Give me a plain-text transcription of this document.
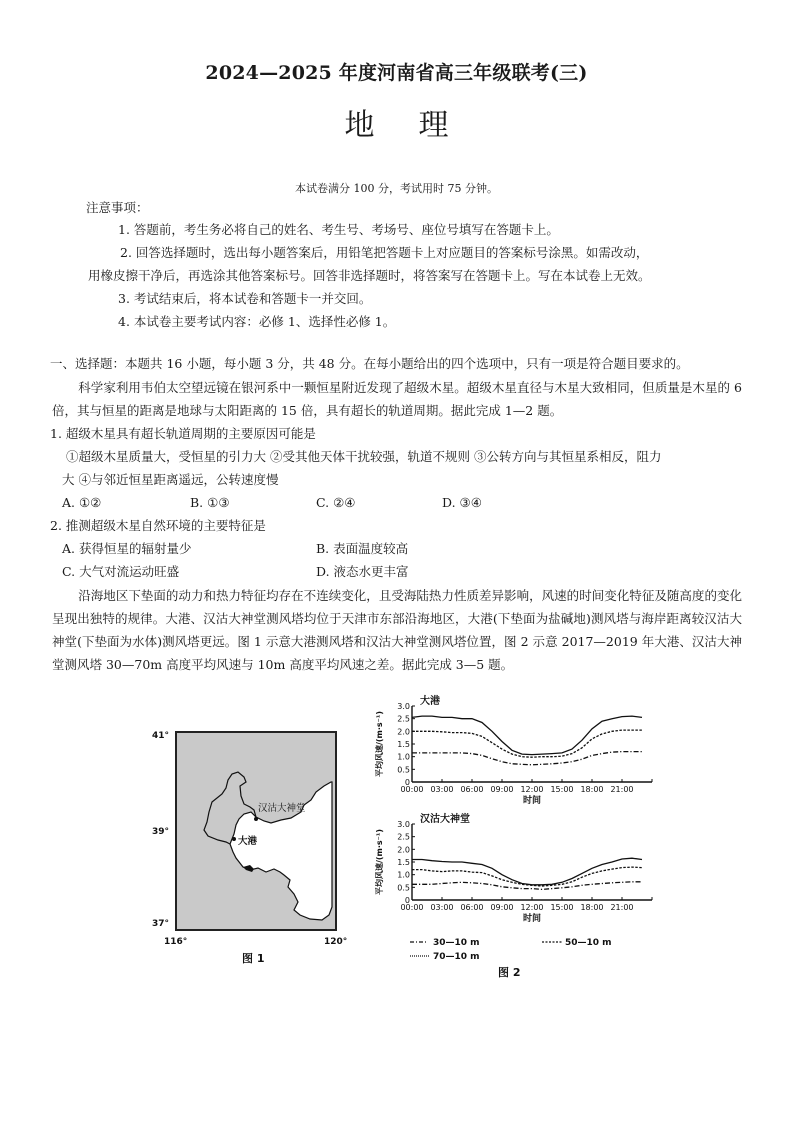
2024—2025 年度河南省高三年级联考(三)
地理
本试卷满分 100 分，考试用时 75 分钟。
注意事项：
1. 答题前，考生务必将自己的姓名、考生号、考场号、座位号填写在答题卡上。
2. 回答选择题时，选出每小题答案后，用铅笔把答题卡上对应题目的答案标号涂黑。如需改动，
用橡皮擦干净后，再选涂其他答案标号。回答非选择题时，将答案写在答题卡上。写在本试卷上无效。
3. 考试结束后，将本试卷和答题卡一并交回。
4. 本试卷主要考试内容：必修 1、选择性必修 1。
一、选择题：本题共 16 小题，每小题 3 分，共 48 分。在每小题给出的四个选项中，只有一项是符合题目要求的。
科学家利用韦伯太空望远镜在银河系中一颗恒星附近发现了超级木星。超级木星直径与木星大致相同，但质量是木星的 6 倍，其与恒星的距离是地球与太阳距离的 15 倍，具有超长的轨道周期。据此完成 1—2 题。
1. 超级木星具有超长轨道周期的主要原因可能是
①超级木星质量大，受恒星的引力大 ②受其他天体干扰较强，轨道不规则 ③公转方向与其恒星系相反，阻力
大 ④与邻近恒星距离遥远，公转速度慢
A. ①②	B. ①③	C. ②④	D. ③④
2. 推测超级木星自然环境的主要特征是
A. 获得恒星的辐射量少	B. 表面温度较高
C. 大气对流运动旺盛	D. 液态水更丰富
沿海地区下垫面的动力和热力特征均存在不连续变化，且受海陆热力性质差异影响，风速的时间变化特征及随高度的变化呈现出独特的规律。大港、汉沽大神堂测风塔均位于天津市东部沿海地区，大港(下垫面为盐碱地)测风塔与海岸距离较汉沽大神堂(下垫面为水体)测风塔更远。图 1 示意大港测风塔和汉沽大神堂测风塔位置，图 2 示意 2017—2019 年大港、汉沽大神堂测风塔 30—70m 高度平均风速与 10m 高度平均风速之差。据此完成 3—5 题。
汉沽大神堂
大港
41°
39°
37°
116°	120°
图 1
0
0.5
1.0
1.5
2.0
2.5
3.0
00:00 03:00 06:00 09:00 12:00 15:00 18:00 21:00
时间
平均风速/(m·s⁻¹)
大港
0
0.5
1.0
1.5
2.0
2.5
3.0
00:00 03:00 06:00 09:00 12:00 15:00 18:00 21:00
时间
平均风速/(m·s⁻¹)
汉沽大神堂
30—10 m	50—10 m
70—10 m
图 2
